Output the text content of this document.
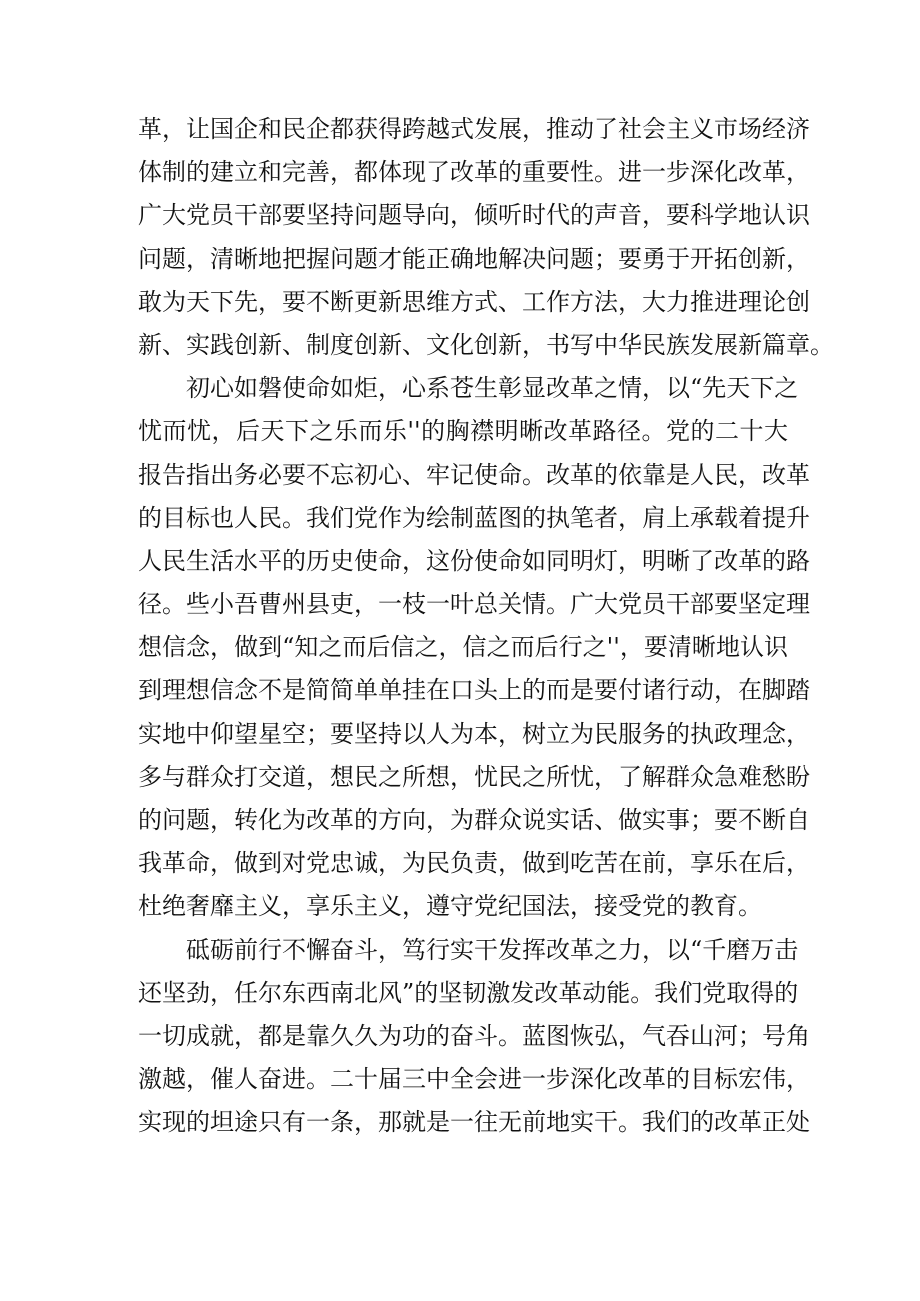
革，让国企和民企都获得跨越式发展，推动了社会主义市场经济
体制的建立和完善，都体现了改革的重要性。进一步深化改革，
广大党员干部要坚持问题导向，倾听时代的声音，要科学地认识
问题，清晰地把握问题才能正确地解决问题；要勇于开拓创新，
敢为天下先，要不断更新思维方式、工作方法，大力推进理论创
新、实践创新、制度创新、文化创新，书写中华民族发展新篇章。
初心如磐使命如炬，心系苍生彰显改革之情，以“先天下之
忧而忧，后天下之乐而乐''的胸襟明晰改革路径。党的二十大
报告指出务必要不忘初心、牢记使命。改革的依靠是人民，改革
的目标也人民。我们党作为绘制蓝图的执笔者，肩上承载着提升
人民生活水平的历史使命，这份使命如同明灯，明晰了改革的路
径。些小吾曹州县吏，一枝一叶总关情。广大党员干部要坚定理
想信念，做到“知之而后信之，信之而后行之''，要清晰地认识
到理想信念不是简简单单挂在口头上的而是要付诸行动，在脚踏
实地中仰望星空；要坚持以人为本，树立为民服务的执政理念，
多与群众打交道，想民之所想，忧民之所忧，了解群众急难愁盼
的问题，转化为改革的方向，为群众说实话、做实事；要不断自
我革命，做到对党忠诚，为民负责，做到吃苦在前，享乐在后，
杜绝奢靡主义，享乐主义，遵守党纪国法，接受党的教育。
砥砺前行不懈奋斗，笃行实干发挥改革之力，以“千磨万击
还坚劲，任尔东西南北风”的坚韧激发改革动能。我们党取得的
一切成就，都是靠久久为功的奋斗。蓝图恢弘，气吞山河；号角
激越，催人奋进。二十届三中全会进一步深化改革的目标宏伟，
实现的坦途只有一条，那就是一往无前地实干。我们的改革正处
